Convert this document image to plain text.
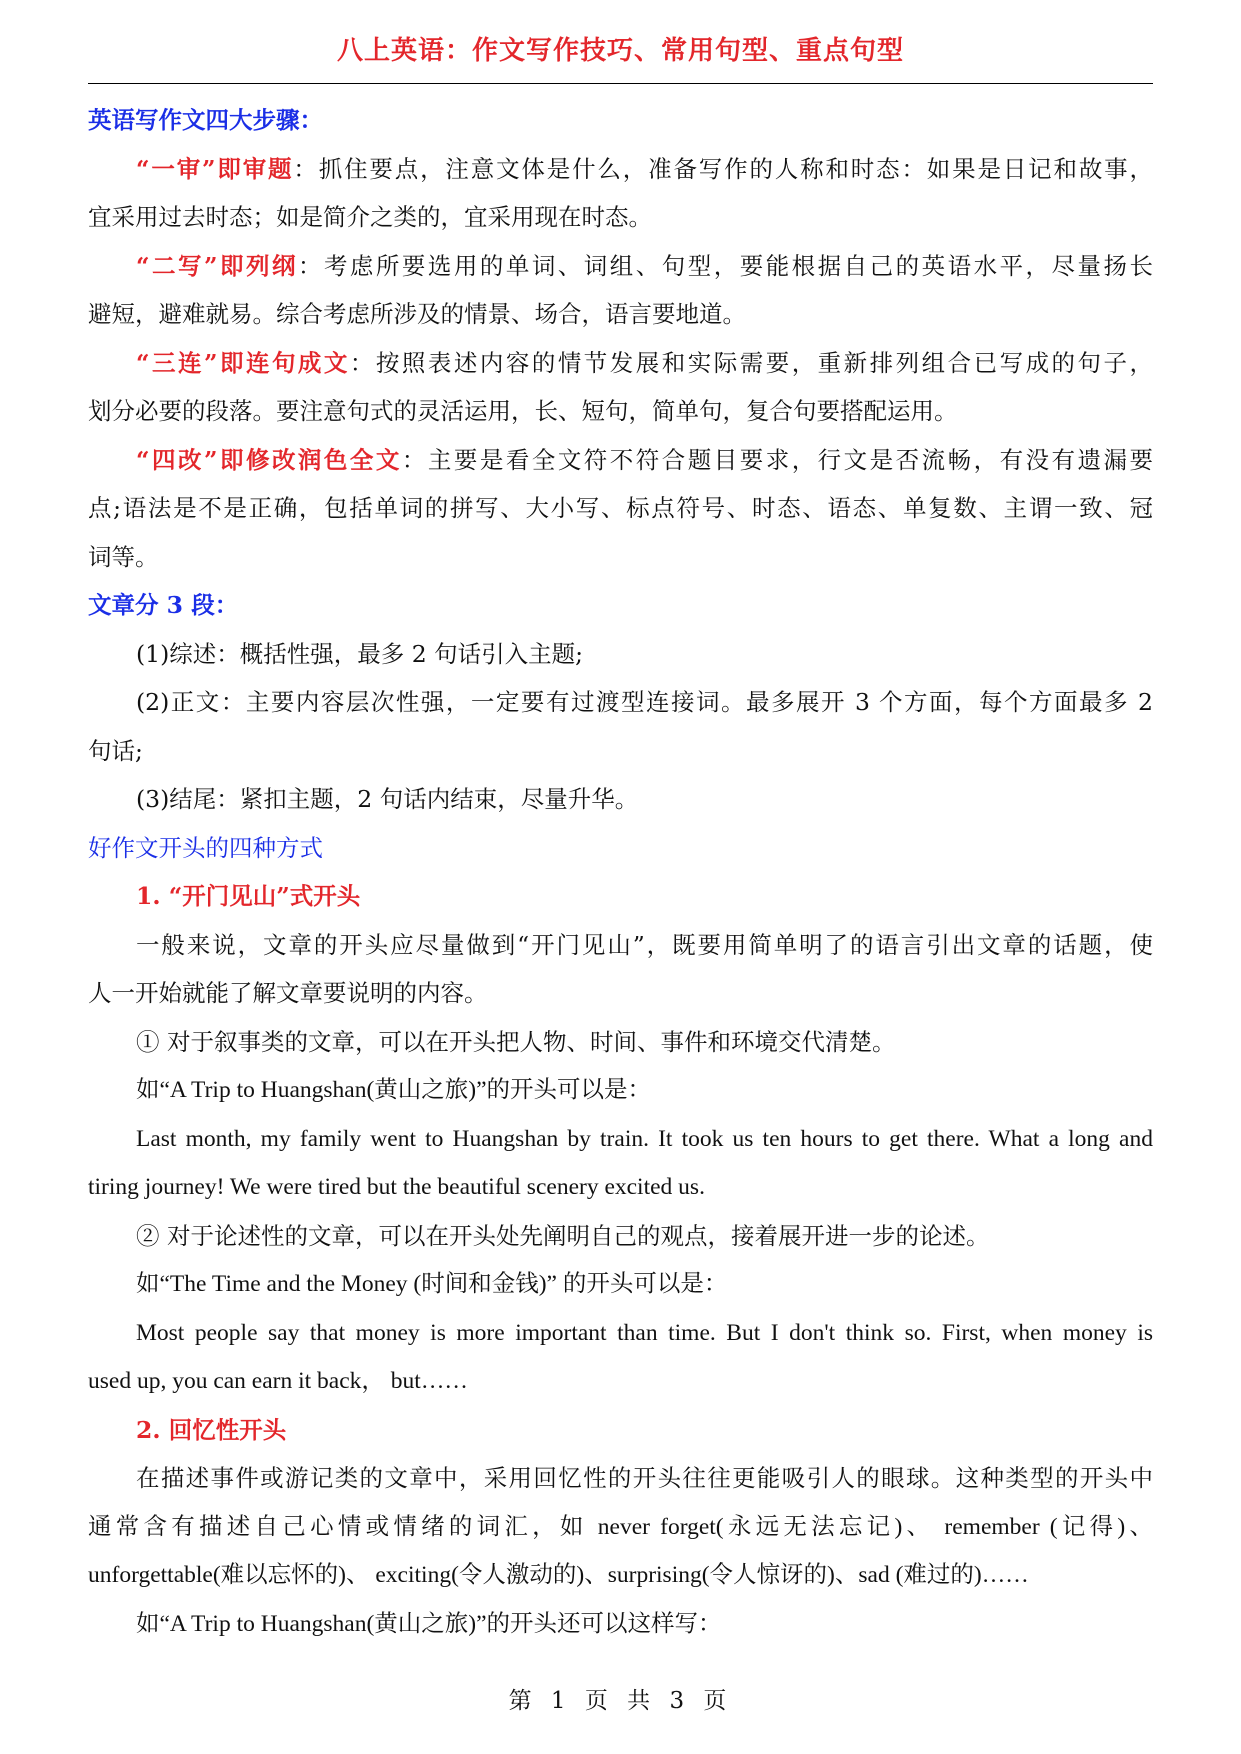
八上英语：作文写作技巧、常用句型、重点句型
英语写作文四大步骤：
“一审”即审题：抓住要点，注意文体是什么，准备写作的人称和时态：如果是日记和故事，
宜采用过去时态；如是简介之类的，宜采用现在时态。
“二写”即列纲：考虑所要选用的单词、词组、句型，要能根据自己的英语水平，尽量扬长
避短，避难就易。综合考虑所涉及的情景、场合，语言要地道。
“三连”即连句成文：按照表述内容的情节发展和实际需要，重新排列组合已写成的句子，
划分必要的段落。要注意句式的灵活运用，长、短句，简单句，复合句要搭配运用。
“四改”即修改润色全文：主要是看全文符不符合题目要求，行文是否流畅，有没有遗漏要
点;语法是不是正确，包括单词的拼写、大小写、标点符号、时态、语态、单复数、主谓一致、冠
词等。
文章分 3 段：
(1)综述：概括性强，最多 2 句话引入主题;
(2)正文：主要内容层次性强，一定要有过渡型连接词。最多展开 3 个方面，每个方面最多 2
句话;
(3)结尾：紧扣主题，2 句话内结束，尽量升华。
好作文开头的四种方式
1. “开门见山”式开头
一般来说，文章的开头应尽量做到“开门见山”，既要用简单明了的语言引出文章的话题，使
人一开始就能了解文章要说明的内容。
① 对于叙事类的文章，可以在开头把人物、时间、事件和环境交代清楚。
如“A Trip to Huangshan(黄山之旅)”的开头可以是：
Last month, my family went to Huangshan by train. It took us ten hours to get there. What a long and
tiring journey! We were tired but the beautiful scenery excited us.
② 对于论述性的文章，可以在开头处先阐明自己的观点，接着展开进一步的论述。
如“The Time and the Money (时间和金钱)” 的开头可以是：
Most people say that money is more important than time. But I don't think so. First, when money is
used up, you can earn it back， but……
2. 回忆性开头
在描述事件或游记类的文章中，采用回忆性的开头往往更能吸引人的眼球。这种类型的开头中
通常含有描述自己心情或情绪的词汇，如 never forget(永远无法忘记)、 remember (记得)、
unforgettable(难以忘怀的)、 exciting(令人激动的)、surprising(令人惊讶的)、sad (难过的)……
如“A Trip to Huangshan(黄山之旅)”的开头还可以这样写：
第 1 页 共 3 页
